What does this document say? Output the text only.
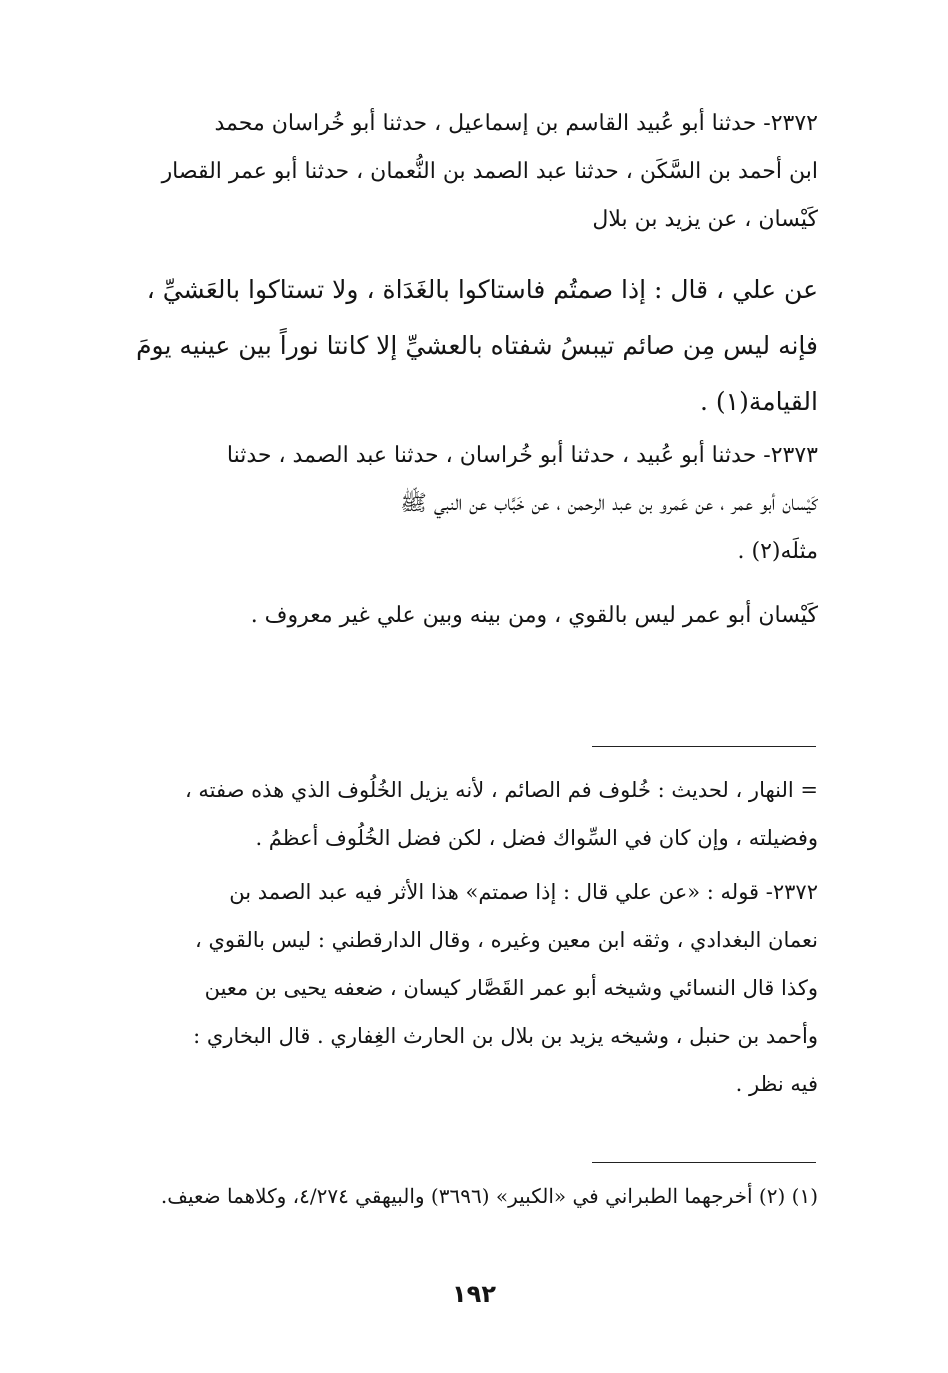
٢٣٧٢- حدثنا أبو عُبيد القاسم بن إسماعيل ، حدثنا أبو خُراسان محمد
ابن أحمد بن السَّكَن ، حدثنا عبد الصمد بن النُّعمان ، حدثنا أبو عمر القصار
كَيْسان ، عن يزيد بن بلال
عن علي ، قال : إذا صمتُم فاستاكوا بالغَدَاة ، ولا تستاكوا بالعَشيِّ ،
فإنه ليس مِن صائم تيبسُ شفتاه بالعشيِّ إلا كانتا نوراً بين عينيه يومَ
القيامة(١) .
٢٣٧٣- حدثنا أبو عُبيد ، حدثنا أبو خُراسان ، حدثنا عبد الصمد ، حدثنا
كَيْسان أبو عمر ، عن عَمرو بن عبد الرحمن ، عن خَبَّاب عن النبي ﷺ
مثلَه(٢) .
كَيْسان أبو عمر ليس بالقوي ، ومن بينه وبين علي غير معروف .
= النهار ، لحديث : خُلوف فم الصائم ، لأنه يزيل الخُلُوف الذي هذه صفته ،
وفضيلته ، وإن كان في السِّواك فضل ، لكن فضل الخُلُوف أعظمُ .
٢٣٧٢- قوله : «عن علي قال : إذا صمتم» هذا الأثر فيه عبد الصمد بن
نعمان البغدادي ، وثقه ابن معين وغيره ، وقال الدارقطني : ليس بالقوي ،
وكذا قال النسائي وشيخه أبو عمر القَصَّار كيسان ، ضعفه يحيى بن معين
وأحمد بن حنبل ، وشيخه يزيد بن بلال بن الحارث الغِفاري . قال البخاري :
فيه نظر .
(١) (٢) أخرجهما الطبراني في «الكبير» (٣٦٩٦) والبيهقي ٤/٢٧٤، وكلاهما ضعيف.
١٩٢
